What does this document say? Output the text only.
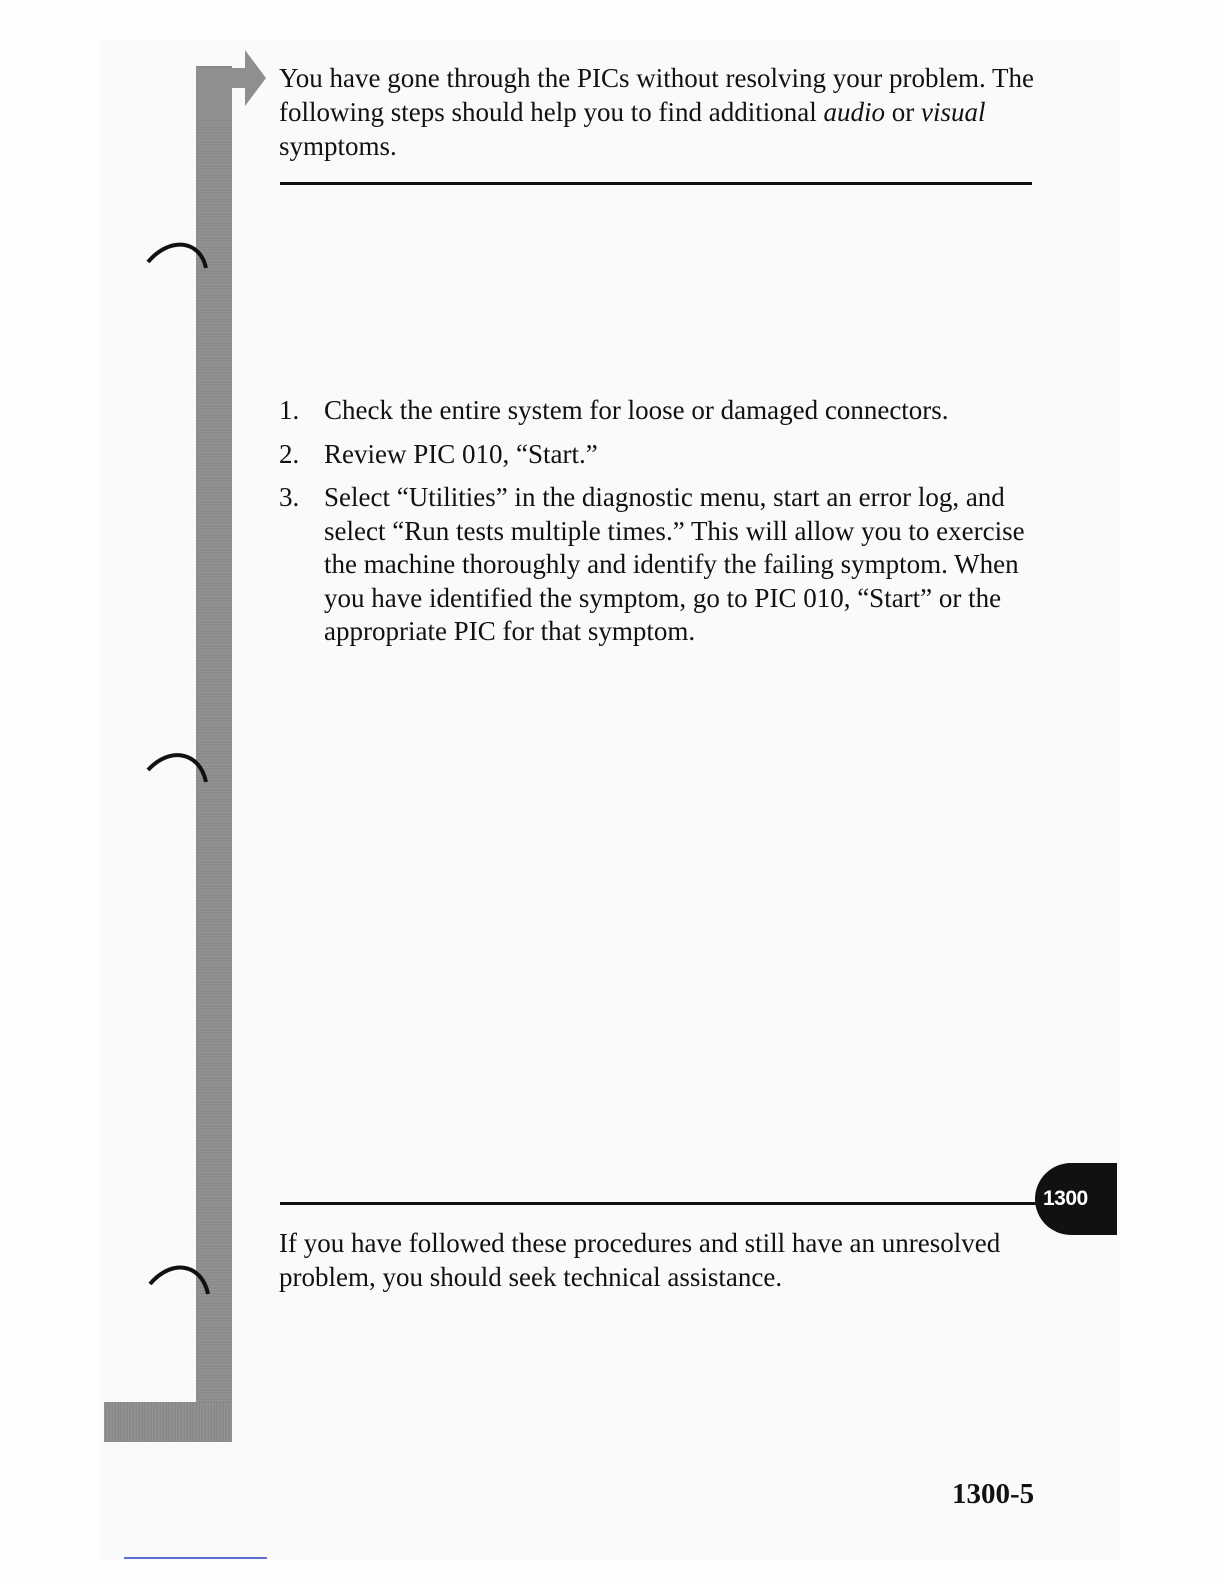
You have gone through the PICs without resolving your problem. The following steps should help you to find additional audio or visual symptoms.

1. Check the entire system for loose or damaged connectors.
2. Review PIC 010, “Start.”
3. Select “Utilities” in the diagnostic menu, start an error log, and select “Run tests multiple times.” This will allow you to exercise the machine thoroughly and identify the failing symptom. When you have identified the symptom, go to PIC 010, “Start” or the appropriate PIC for that symptom.
1300

If you have followed these procedures and still have an unresolved problem, you should seek technical assistance.

1300-5
